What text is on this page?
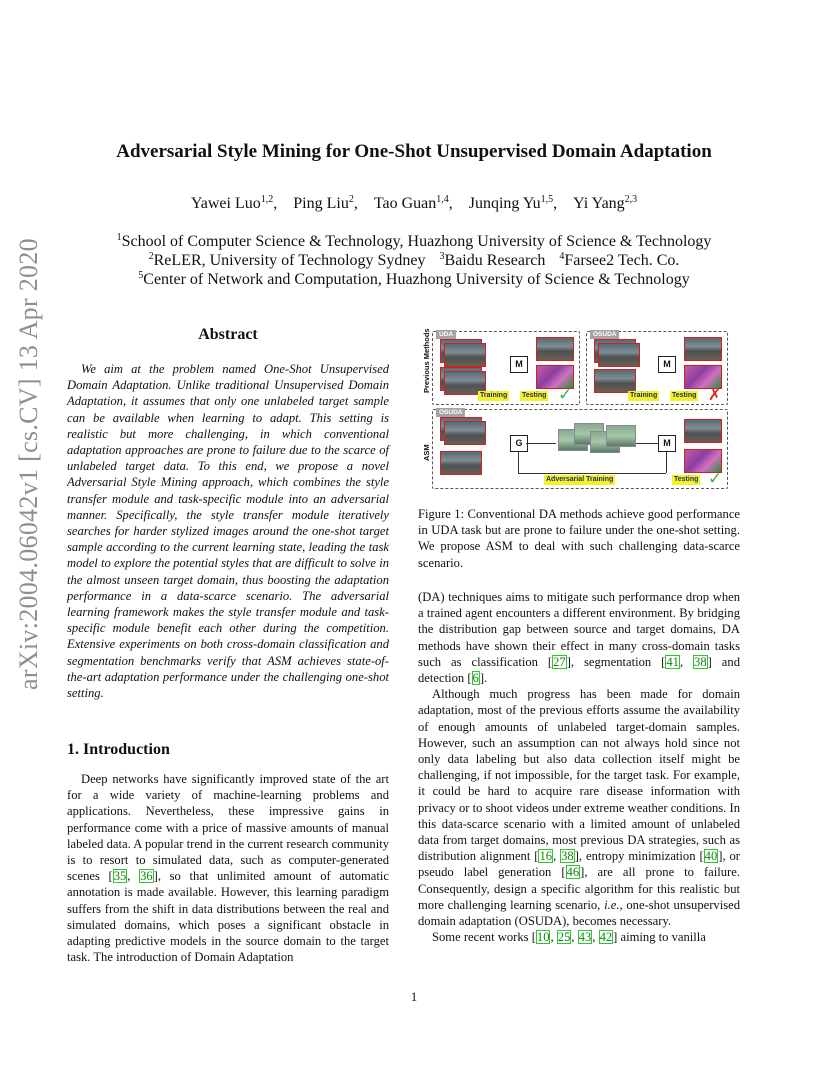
arXiv:2004.06042v1 [cs.CV] 13 Apr 2020
Adversarial Style Mining for One-Shot Unsupervised Domain Adaptation
Yawei Luo$^{1,2}$, Ping Liu$^2$, Tao Guan$^{1,4}$, Junqing Yu$^{1,5}$, Yi Yang$^{2,3}$
$^1$School of Computer Science & Technology, Huazhong University of Science & Technology
$^2$ReLER, University of Technology Sydney $^3$Baidu Research $^4$Farsee2 Tech. Co.
$^5$Center of Network and Computation, Huazhong University of Science & Technology
Abstract
We aim at the problem named One-Shot Unsupervised Domain Adaptation. Unlike traditional Unsupervised Domain Adaptation, it assumes that only one unlabeled target sample can be available when learning to adapt. This setting is realistic but more challenging, in which conventional adaptation approaches are prone to failure due to the scarce of unlabeled target data. To this end, we propose a novel Adversarial Style Mining approach, which combines the style transfer module and task-specific module into an adversarial manner. Specifically, the style transfer module iteratively searches for harder stylized images around the one-shot target sample according to the current learning state, leading the task model to explore the potential styles that are difficult to solve in the almost unseen target domain, thus boosting the adaptation performance in a data-scarce scenario. The adversarial learning framework makes the style transfer module and task-specific module benefit each other during the competition. Extensive experiments on both cross-domain classification and segmentation benchmarks verify that ASM achieves state-of-the-art adaptation performance under the challenging one-shot setting.
1. Introduction
Deep networks have significantly improved state of the art for a wide variety of machine-learning problems and applications. Nevertheless, these impressive gains in performance come with a price of massive amounts of manual labeled data. A popular trend in the current research community is to resort to simulated data, such as computer-generated scenes [35, 36], so that unlimited amount of automatic annotation is made available. However, this learning paradigm suffers from the shift in data distributions between the real and simulated domains, which poses a significant obstacle in adapting predictive models in the source domain to the target task. The introduction of Domain Adaptation
Previous Methods
ASM
UDA
M
Training Testing ✓
OSUDA
M
Training Testing ✗
OSUDA
G	M
Adversarial Training	Testing ✓
Figure 1: Conventional DA methods achieve good performance in UDA task but are prone to failure under the one-shot setting. We propose ASM to deal with such challenging data-scarce scenario.

(DA) techniques aims to mitigate such performance drop when a trained agent encounters a different environment. By bridging the distribution gap between source and target domains, DA methods have shown their effect in many cross-domain tasks such as classification [27], segmentation [41, 38] and detection [6].

Although much progress has been made for domain adaptation, most of the previous efforts assume the availability of enough amounts of unlabeled target-domain samples. However, such an assumption can not always hold since not only data labeling but also data collection itself might be challenging, if not impossible, for the target task. For example, it could be hard to acquire rare disease information with privacy or to shoot videos under extreme weather conditions. In this data-scarce scenario with a limited amount of unlabeled data from target domains, most previous DA strategies, such as distribution alignment [16, 38], entropy minimization [40], or pseudo label generation [46], are all prone to failure. Consequently, design a specific algorithm for this realistic but more challenging learning scenario, i.e., one-shot unsupervised domain adaptation (OSUDA), becomes necessary.

Some recent works [10, 25, 43, 42] aiming to vanilla

1
